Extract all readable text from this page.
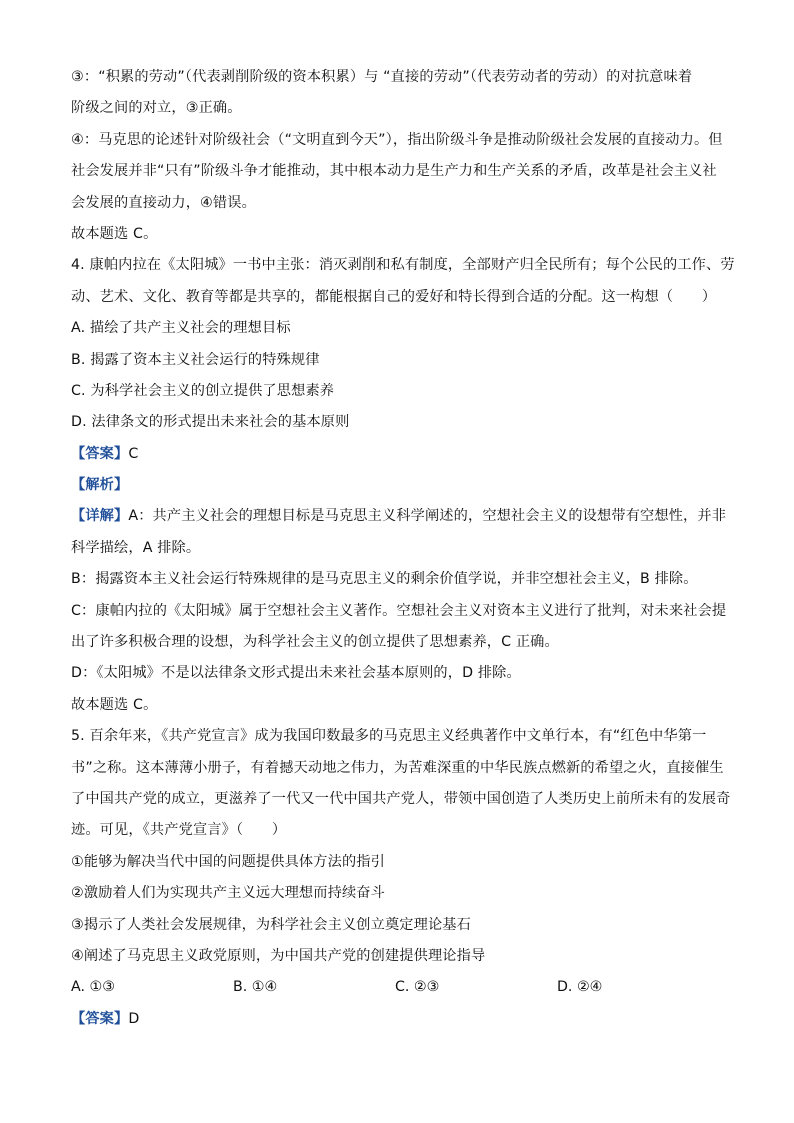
③：“积累的劳动”（代表剥削阶级的资本积累）与 “直接的劳动”（代表劳动者的劳动）的对抗意味着
阶级之间的对立，③正确。
④：马克思的论述针对阶级社会（“文明直到今天”），指出阶级斗争是推动阶级社会发展的直接动力。但
社会发展并非“只有”阶级斗争才能推动，其中根本动力是生产力和生产关系的矛盾，改革是社会主义社
会发展的直接动力，④错误。
故本题选 C。
4. 康帕内拉在《太阳城》一书中主张：消灭剥削和私有制度，全部财产归全民所有；每个公民的工作、劳
动、艺术、文化、教育等都是共享的，都能根据自己的爱好和特长得到合适的分配。这一构想（　　）
A. 描绘了共产主义社会的理想目标
B. 揭露了资本主义社会运行的特殊规律
C. 为科学社会主义的创立提供了思想素养
D. 法律条文的形式提出未来社会的基本原则
【答案】C
【解析】
【详解】A：共产主义社会的理想目标是马克思主义科学阐述的，空想社会主义的设想带有空想性，并非
科学描绘，A 排除。
B：揭露资本主义社会运行特殊规律的是马克思主义的剩余价值学说，并非空想社会主义，B 排除。
C：康帕内拉的《太阳城》属于空想社会主义著作。空想社会主义对资本主义进行了批判，对未来社会提
出了许多积极合理的设想，为科学社会主义的创立提供了思想素养，C 正确。
D：《太阳城》不是以法律条文形式提出未来社会基本原则的，D 排除。
故本题选 C。
5. 百余年来，《共产党宣言》成为我国印数最多的马克思主义经典著作中文单行本，有“红色中华第一
书”之称。这本薄薄小册子，有着撼天动地之伟力，为苦难深重的中华民族点燃新的希望之火，直接催生
了中国共产党的成立，更滋养了一代又一代中国共产党人，带领中国创造了人类历史上前所未有的发展奇
迹。可见，《共产党宣言》（　　）
①能够为解决当代中国的问题提供具体方法的指引
②激励着人们为实现共产主义远大理想而持续奋斗
③揭示了人类社会发展规律，为科学社会主义创立奠定理论基石
④阐述了马克思主义政党原则，为中国共产党的创建提供理论指导
A. ①③	B. ①④	C. ②③	D. ②④
【答案】D
